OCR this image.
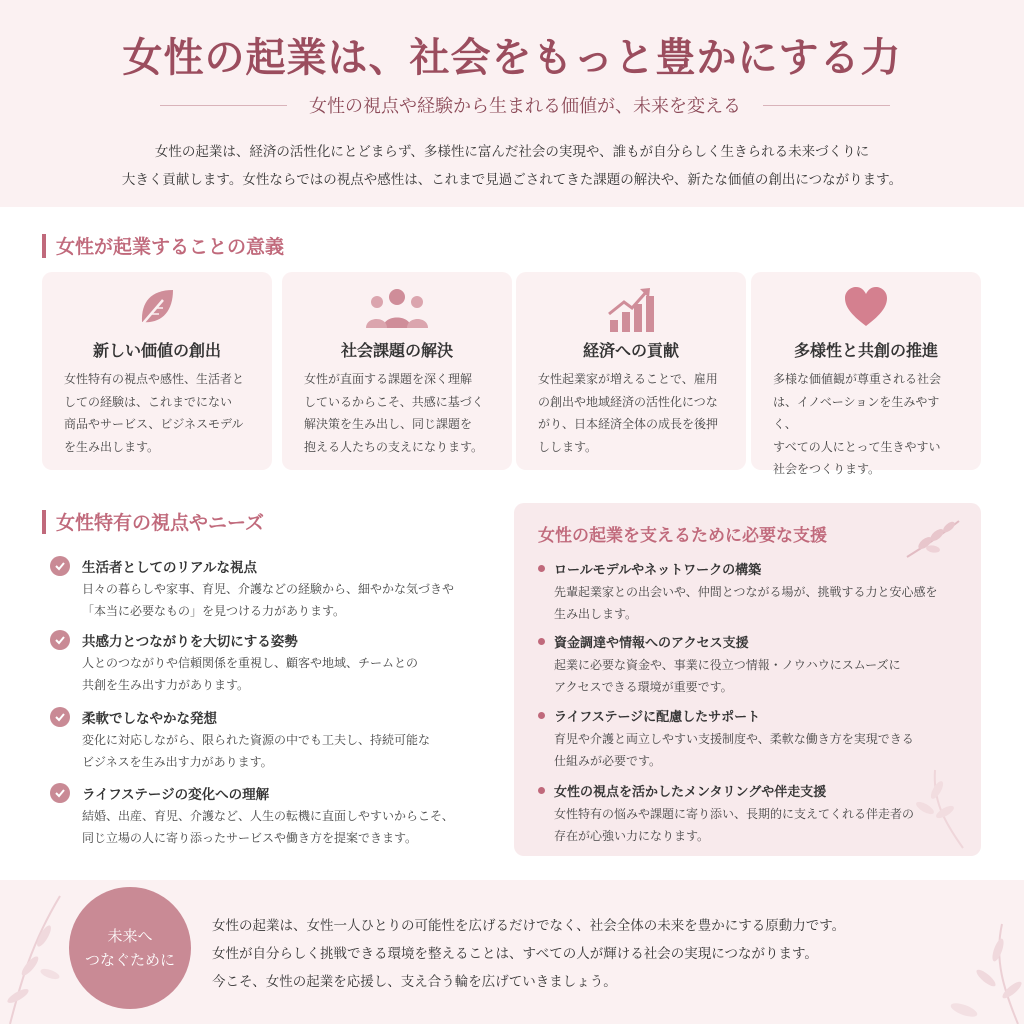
女性の起業は、社会をもっと豊かにする力
女性の視点や経験から生まれる価値が、未来を変える
女性の起業は、経済の活性化にとどまらず、多様性に富んだ社会の実現や、誰もが自分らしく生きられる未来づくりに
大きく貢献します。女性ならではの視点や感性は、これまで見過ごされてきた課題の解決や、新たな価値の創出につながります。
女性が起業することの意義
新しい価値の創出

女性特有の視点や感性、生活者と
しての経験は、これまでにない
商品やサービス、ビジネスモデル
を生み出します。

社会課題の解決

女性が直面する課題を深く理解
しているからこそ、共感に基づく
解決策を生み出し、同じ課題を
抱える人たちの支えになります。

経済への貢献

女性起業家が増えることで、雇用
の創出や地域経済の活性化につな
がり、日本経済全体の成長を後押
しします。

多様性と共創の推進

多様な価値観が尊重される社会
は、イノベーションを生みやすく、
すべての人にとって生きやすい
社会をつくります。

女性特有の視点やニーズ
生活者としてのリアルな視点

日々の暮らしや家事、育児、介護などの経験から、細やかな気づきや
「本当に必要なもの」を見つける力があります。

共感力とつながりを大切にする姿勢

人とのつながりや信頼関係を重視し、顧客や地域、チームとの
共創を生み出す力があります。

柔軟でしなやかな発想

変化に対応しながら、限られた資源の中でも工夫し、持続可能な
ビジネスを生み出す力があります。

ライフステージの変化への理解

結婚、出産、育児、介護など、人生の転機に直面しやすいからこそ、
同じ立場の人に寄り添ったサービスや働き方を提案できます。

女性の起業を支えるために必要な支援
ロールモデルやネットワークの構築

先輩起業家との出会いや、仲間とつながる場が、挑戦する力と安心感を
生み出します。

資金調達や情報へのアクセス支援

起業に必要な資金や、事業に役立つ情報・ノウハウにスムーズに
アクセスできる環境が重要です。

ライフステージに配慮したサポート

育児や介護と両立しやすい支援制度や、柔軟な働き方を実現できる
仕組みが必要です。

女性の視点を活かしたメンタリングや伴走支援

女性特有の悩みや課題に寄り添い、長期的に支えてくれる伴走者の
存在が心強い力になります。

未来へ
つなぐために
女性の起業は、女性一人ひとりの可能性を広げるだけでなく、社会全体の未来を豊かにする原動力です。
女性が自分らしく挑戦できる環境を整えることは、すべての人が輝ける社会の実現につながります。
今こそ、女性の起業を応援し、支え合う輪を広げていきましょう。
